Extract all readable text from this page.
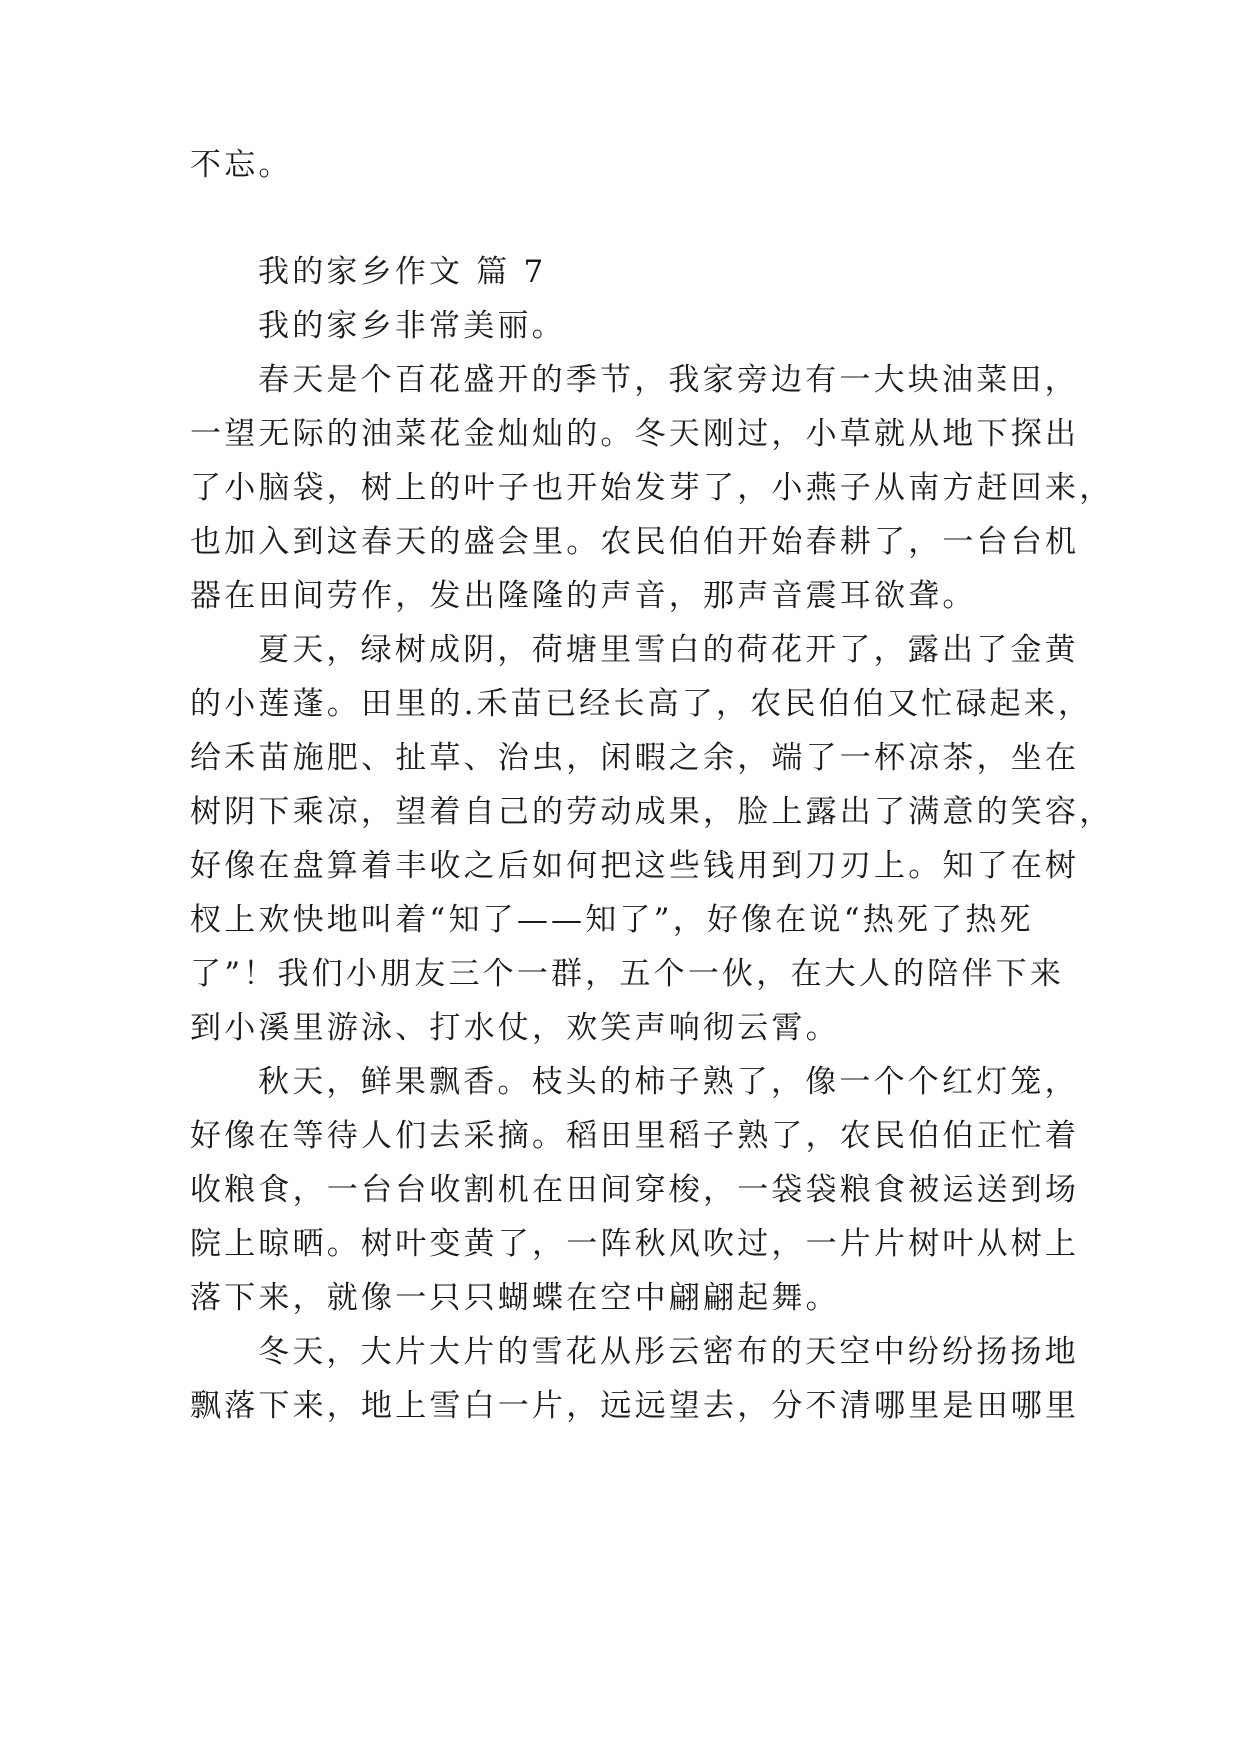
不忘。
我的家乡作文 篇 7
我的家乡非常美丽。
春天是个百花盛开的季节，我家旁边有一大块油菜田，
一望无际的油菜花金灿灿的。冬天刚过，小草就从地下探出
了小脑袋，树上的叶子也开始发芽了，小燕子从南方赶回来，
也加入到这春天的盛会里。农民伯伯开始春耕了，一台台机
器在田间劳作，发出隆隆的声音，那声音震耳欲聋。
夏天，绿树成阴，荷塘里雪白的荷花开了，露出了金黄
的小莲蓬。田里的.禾苗已经长高了，农民伯伯又忙碌起来，
给禾苗施肥、扯草、治虫，闲暇之余，端了一杯凉茶，坐在
树阴下乘凉，望着自己的劳动成果，脸上露出了满意的笑容，
好像在盘算着丰收之后如何把这些钱用到刀刃上。知了在树
杈上欢快地叫着“知了——知了”，好像在说“热死了热死
了”！我们小朋友三个一群，五个一伙，在大人的陪伴下来
到小溪里游泳、打水仗，欢笑声响彻云霄。
秋天，鲜果飘香。枝头的柿子熟了，像一个个红灯笼，
好像在等待人们去采摘。稻田里稻子熟了，农民伯伯正忙着
收粮食，一台台收割机在田间穿梭，一袋袋粮食被运送到场
院上晾晒。树叶变黄了，一阵秋风吹过，一片片树叶从树上
落下来，就像一只只蝴蝶在空中翩翩起舞。
冬天，大片大片的雪花从彤云密布的天空中纷纷扬扬地
飘落下来，地上雪白一片，远远望去，分不清哪里是田哪里
